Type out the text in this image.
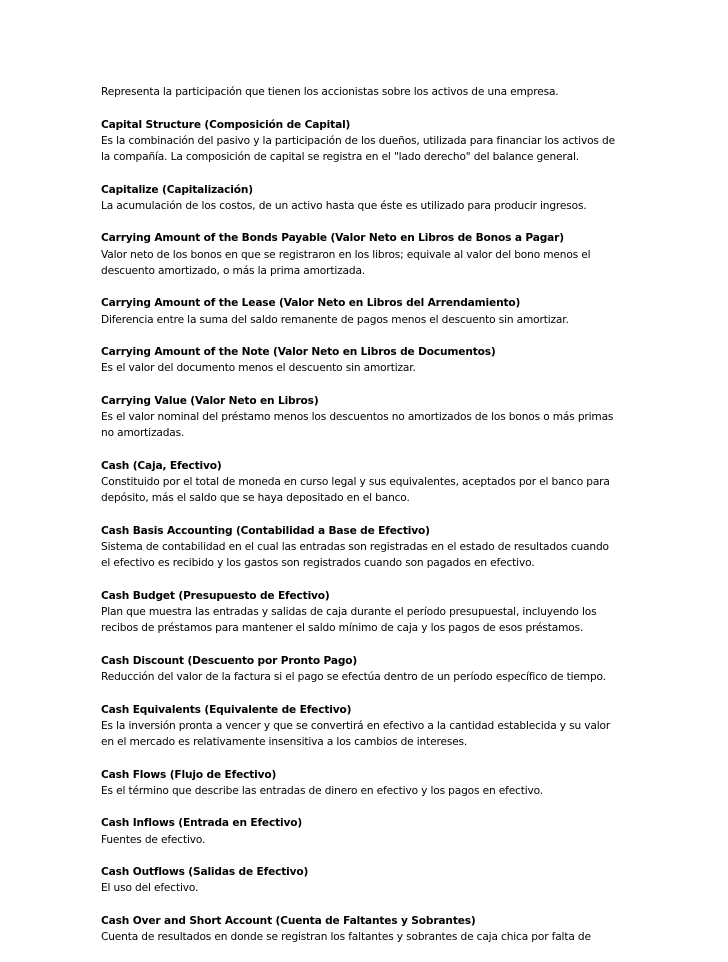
Representa la participación que tienen los accionistas sobre los activos de una empresa.
Capital Structure (Composición de Capital)
Es la combinación del pasivo y la participación de los dueños, utilizada para financiar los activos de
la compañía. La composición de capital se registra en el "lado derecho" del balance general.
Capitalize (Capitalización)
La acumulación de los costos, de un activo hasta que éste es utilizado para producir ingresos.
Carrying Amount of the Bonds Payable (Valor Neto en Libros de Bonos a Pagar)
Valor neto de los bonos en que se registraron en los libros; equivale al valor del bono menos el
descuento amortizado, o más la prima amortizada.
Carrying Amount of the Lease (Valor Neto en Libros del Arrendamiento)
Diferencia entre la suma del saldo remanente de pagos menos el descuento sin amortizar.
Carrying Amount of the Note (Valor Neto en Libros de Documentos)
Es el valor del documento menos el descuento sin amortizar.
Carrying Value (Valor Neto en Libros)
Es el valor nominal del préstamo menos los descuentos no amortizados de los bonos o más primas
no amortizadas.
Cash (Caja, Efectivo)
Constituido por el total de moneda en curso legal y sus equivalentes, aceptados por el banco para
depósito, más el saldo que se haya depositado en el banco.
Cash Basis Accounting (Contabilidad a Base de Efectivo)
Sistema de contabilidad en el cual las entradas son registradas en el estado de resultados cuando
el efectivo es recibido y los gastos son registrados cuando son pagados en efectivo.
Cash Budget (Presupuesto de Efectivo)
Plan que muestra las entradas y salidas de caja durante el período presupuestal, incluyendo los
recibos de préstamos para mantener el saldo mínimo de caja y los pagos de esos préstamos.
Cash Discount (Descuento por Pronto Pago)
Reducción del valor de la factura si el pago se efectúa dentro de un período específico de tiempo.
Cash Equivalents (Equivalente de Efectivo)
Es la inversión pronta a vencer y que se convertirá en efectivo a la cantidad establecida y su valor
en el mercado es relativamente insensitiva a los cambios de intereses.
Cash Flows (Flujo de Efectivo)
Es el término que describe las entradas de dinero en efectivo y los pagos en efectivo.
Cash Inflows (Entrada en Efectivo)
Fuentes de efectivo.
Cash Outflows (Salidas de Efectivo)
El uso del efectivo.
Cash Over and Short Account (Cuenta de Faltantes y Sobrantes)
Cuenta de resultados en donde se registran los faltantes y sobrantes de caja chica por falta de
